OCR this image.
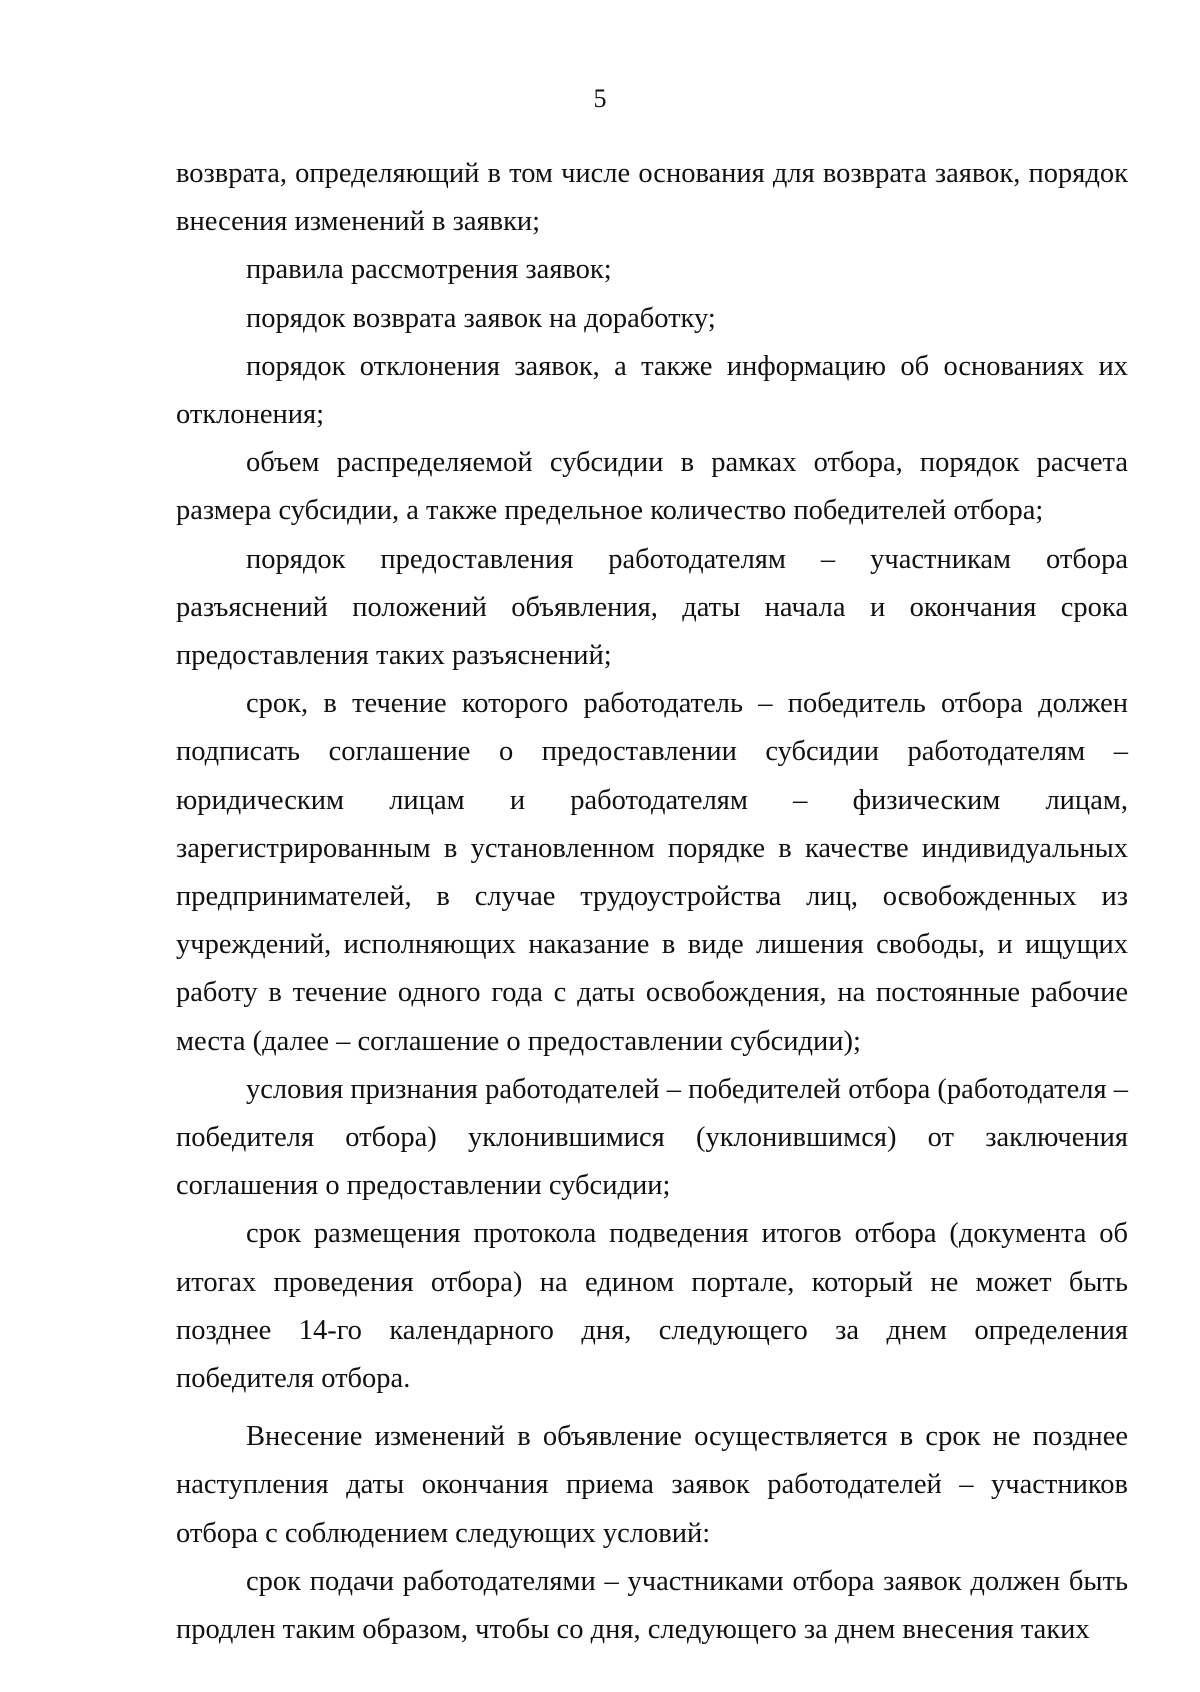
5

возврата, определяющий в том числе основания для возврата заявок, порядок внесения изменений в заявки;

правила рассмотрения заявок;

порядок возврата заявок на доработку;

порядок отклонения заявок, а также информацию об основаниях их отклонения;

объем распределяемой субсидии в рамках отбора, порядок расчета размера субсидии, а также предельное количество победителей отбора;

порядок предоставления работодателям – участникам отбора разъяснений положений объявления, даты начала и окончания срока предоставления таких разъяснений;

срок, в течение которого работодатель – победитель отбора должен подписать соглашение о предоставлении субсидии работодателям – юридическим лицам и работодателям – физическим лицам, зарегистрированным в установленном порядке в качестве индивидуальных предпринимателей, в случае трудоустройства лиц, освобожденных из учреждений, исполняющих наказание в виде лишения свободы, и ищущих работу в течение одного года с даты освобождения, на постоянные рабочие места (далее – соглашение о предоставлении субсидии);

условия признания работодателей – победителей отбора (работодателя – победителя отбора) уклонившимися (уклонившимся) от заключения соглашения о предоставлении субсидии;

срок размещения протокола подведения итогов отбора (документа об итогах проведения отбора) на едином портале, который не может быть позднее 14-го календарного дня, следующего за днем определения победителя отбора.

Внесение изменений в объявление осуществляется в срок не позднее наступления даты окончания приема заявок работодателей – участников отбора с соблюдением следующих условий:

срок подачи работодателями – участниками отбора заявок должен быть продлен таким образом, чтобы со дня, следующего за днем внесения таких
